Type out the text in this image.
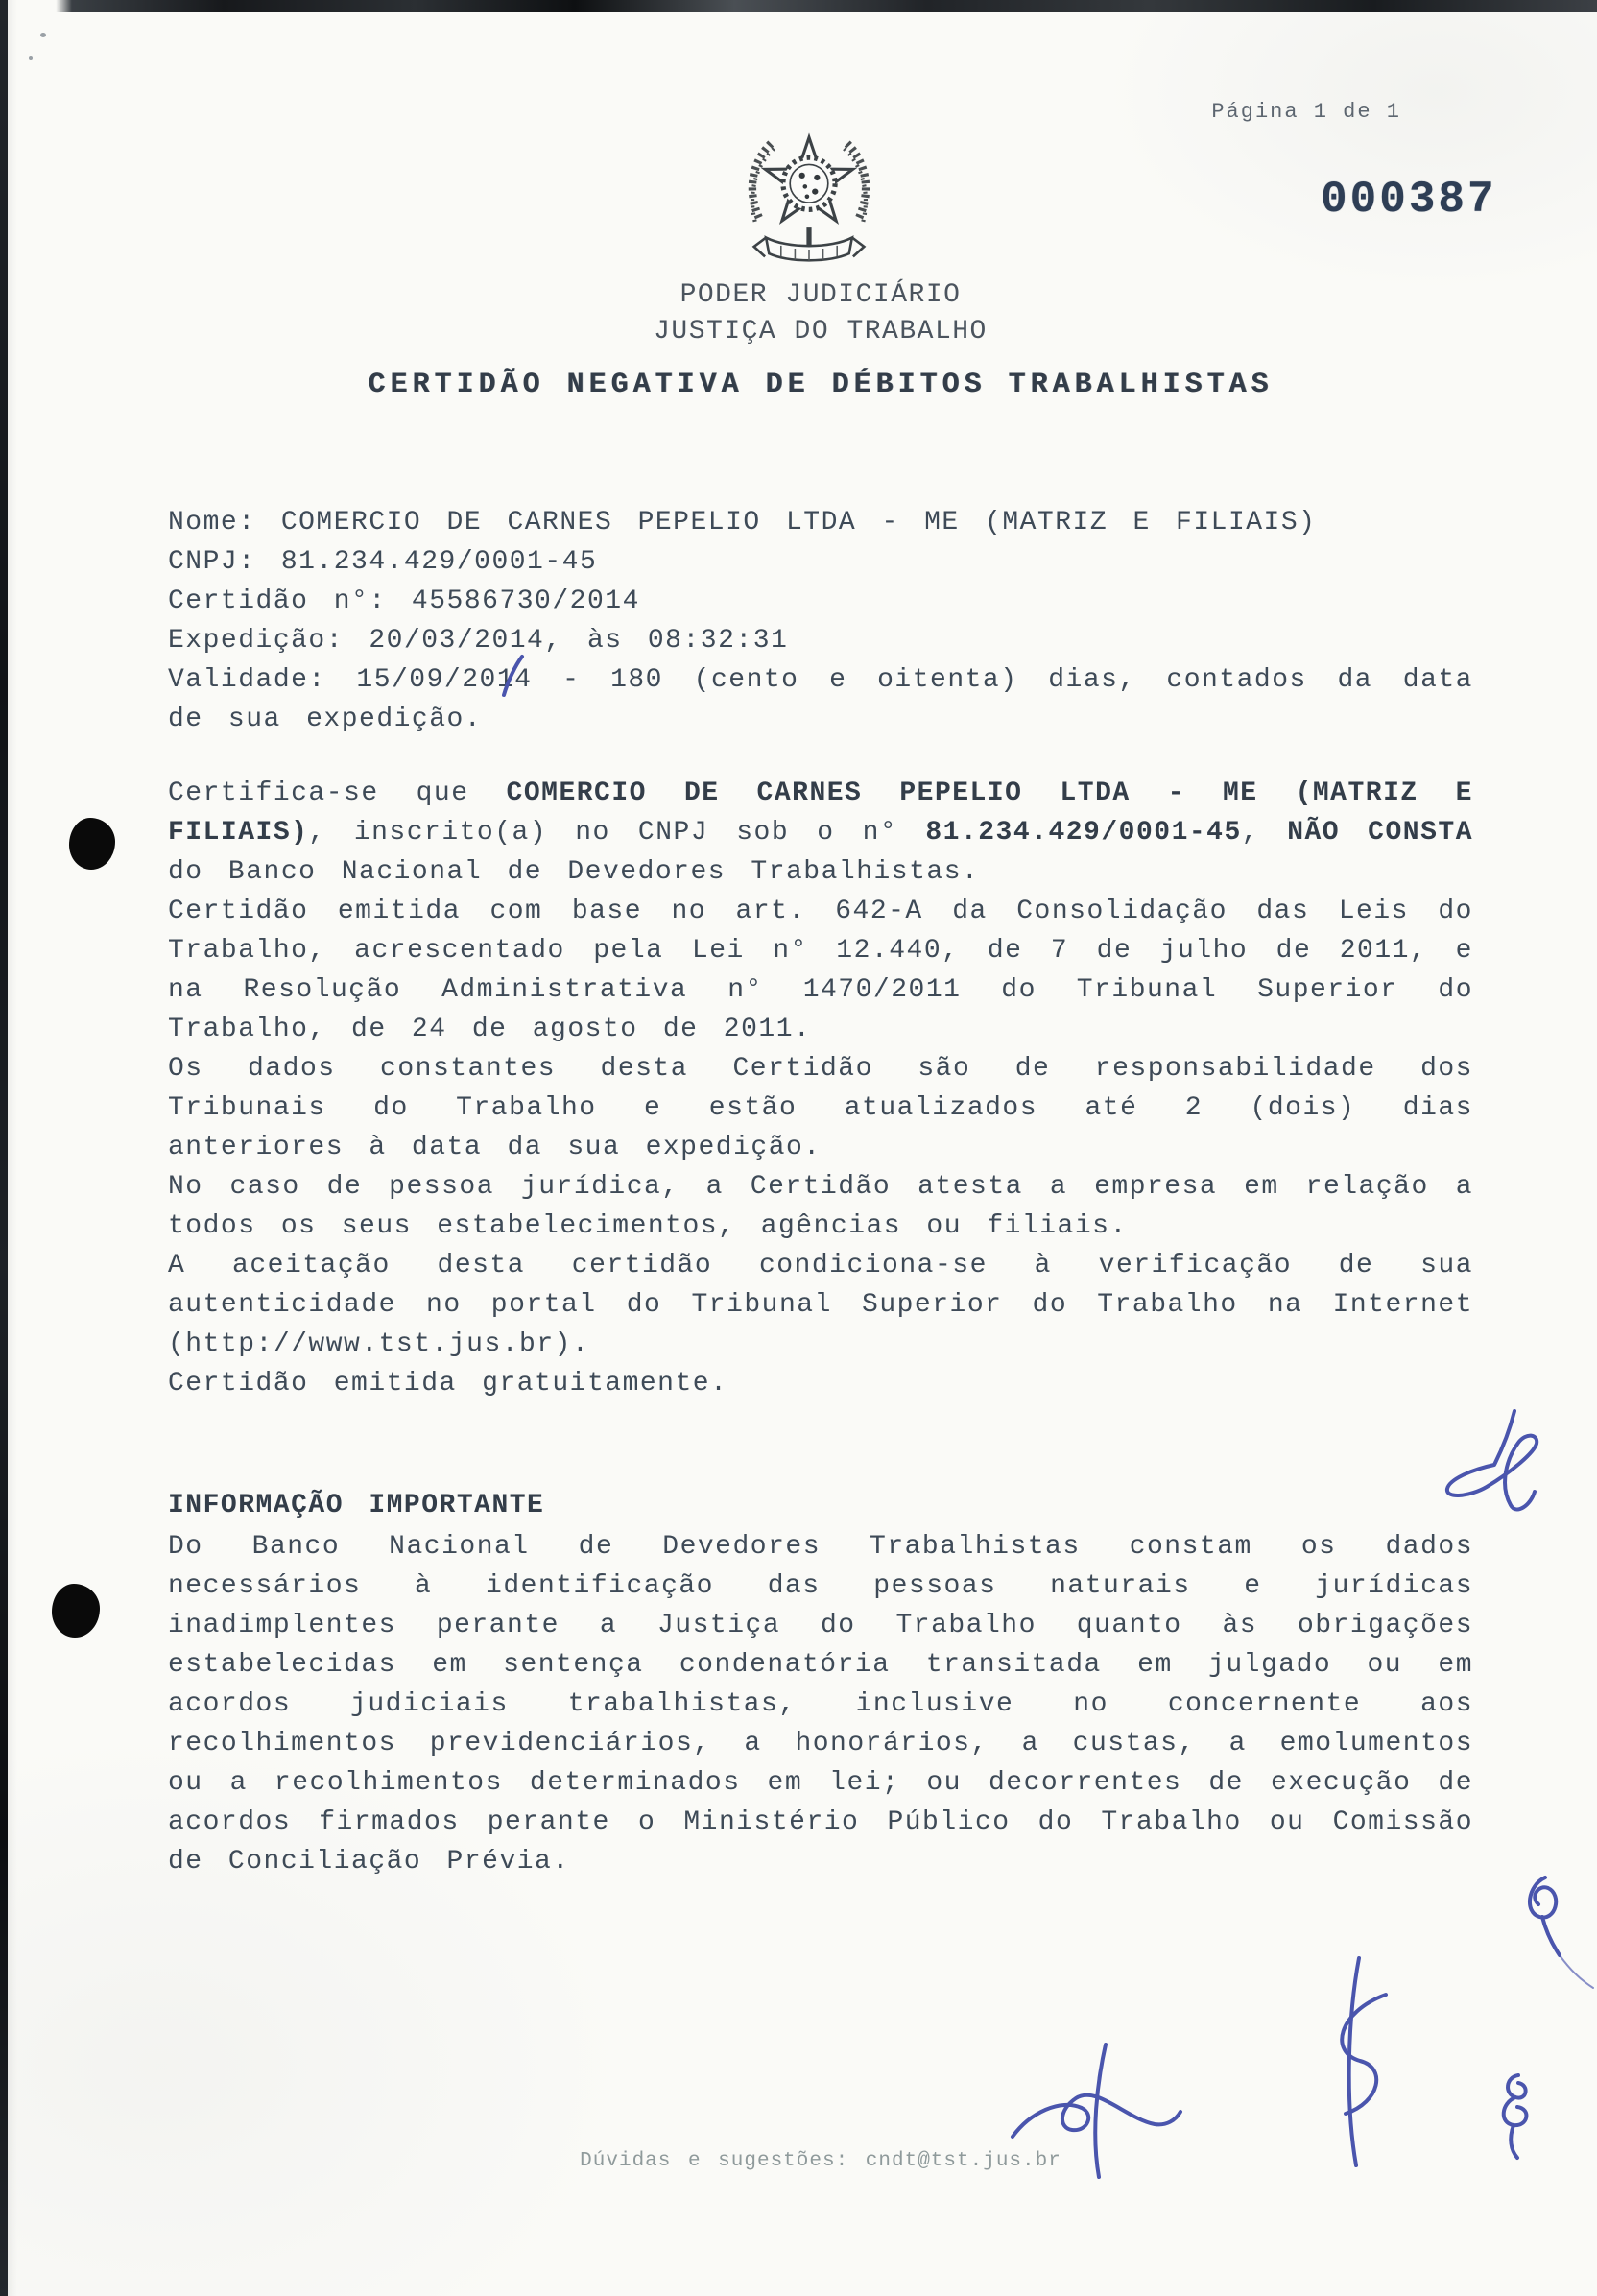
Página 1 de 1
000387
PODER JUDICIÁRIO
JUSTIÇA DO TRABALHO
CERTIDÃO NEGATIVA DE DÉBITOS TRABALHISTAS
Nome: COMERCIO DE CARNES PEPELIO LTDA - ME (MATRIZ E FILIAIS)
CNPJ: 81.234.429/0001-45
Certidão n°: 45586730/2014
Expedição: 20/03/2014, às 08:32:31
Validade: 15/09/2014 - 180 (cento e oitenta) dias, contados da data
de sua expedição.

Certifica-se que COMERCIO DE CARNES PEPELIO LTDA - ME (MATRIZ E FILIAIS), inscrito(a) no CNPJ sob o n° 81.234.429/0001-45, NÃO CONSTA do Banco Nacional de Devedores Trabalhistas.

Certidão emitida com base no art. 642-A da Consolidação das Leis do Trabalho, acrescentado pela Lei n° 12.440, de 7 de julho de 2011, e na Resolução Administrativa n° 1470/2011 do Tribunal Superior do Trabalho, de 24 de agosto de 2011.

Os dados constantes desta Certidão são de responsabilidade dos Tribunais do Trabalho e estão atualizados até 2 (dois) dias anteriores à data da sua expedição.

No caso de pessoa jurídica, a Certidão atesta a empresa em relação a todos os seus estabelecimentos, agências ou filiais.

A aceitação desta certidão condiciona-se à verificação de sua autenticidade no portal do Tribunal Superior do Trabalho na Internet (http://www.tst.jus.br).

Certidão emitida gratuitamente.

INFORMAÇÃO IMPORTANTE

Do Banco Nacional de Devedores Trabalhistas constam os dados necessários à identificação das pessoas naturais e jurídicas inadimplentes perante a Justiça do Trabalho quanto às obrigações estabelecidas em sentença condenatória transitada em julgado ou em acordos judiciais trabalhistas, inclusive no concernente aos recolhimentos previdenciários, a honorários, a custas, a emolumentos ou a recolhimentos determinados em lei; ou decorrentes de execução de acordos firmados perante o Ministério Público do Trabalho ou Comissão de Conciliação Prévia.

Dúvidas e sugestões: cndt@tst.jus.br
